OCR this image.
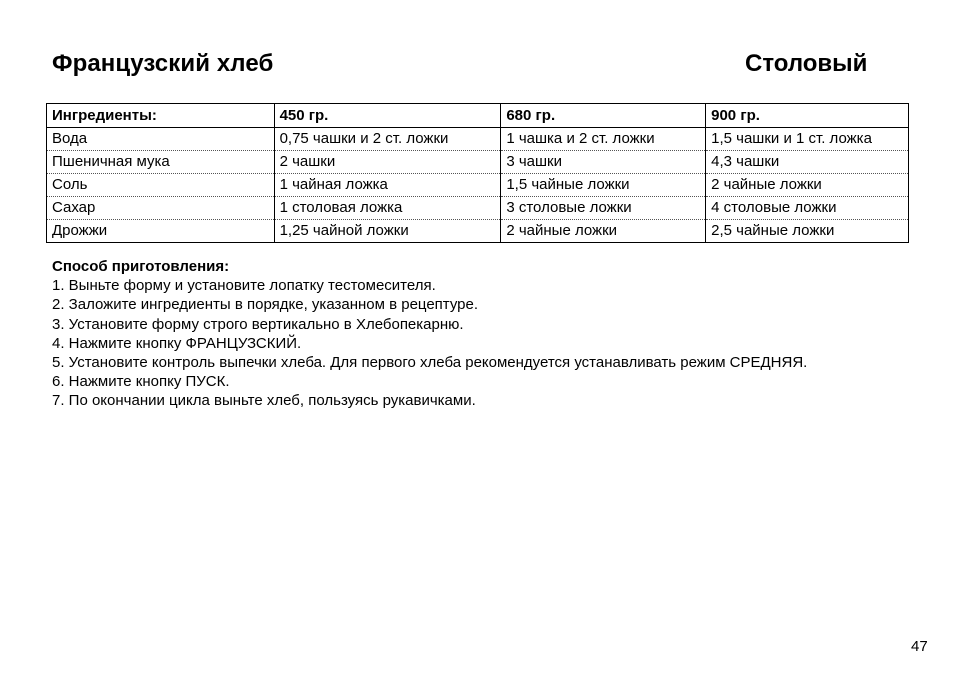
Французский хлеб	Столовый
Ингредиенты:	450 гр.	680 гр.	900 гр.
Вода	0,75 чашки и 2 ст. ложки	1 чашка и 2 ст. ложки	1,5 чашки и 1 ст. ложка
Пшеничная мука	2 чашки	3 чашки	4,3 чашки
Соль	1 чайная ложка	1,5 чайные ложки	2 чайные ложки
Сахар	1 столовая ложка	3 столовые ложки	4 столовые ложки
Дрожжи	1,25 чайной ложки	2 чайные ложки	2,5 чайные ложки
Способ приготовления:
1. Выньте форму и установите лопатку тестомесителя.
2. Заложите ингредиенты в порядке, указанном в рецептуре.
3. Установите форму строго вертикально в Хлебопекарню.
4. Нажмите кнопку ФРАНЦУЗСКИЙ.
5. Установите контроль выпечки хлеба. Для первого хлеба рекомендуется устанавливать режим СРЕДНЯЯ.
6. Нажмите кнопку ПУСК.
7. По окончании цикла выньте хлеб, пользуясь рукавичками.
47
